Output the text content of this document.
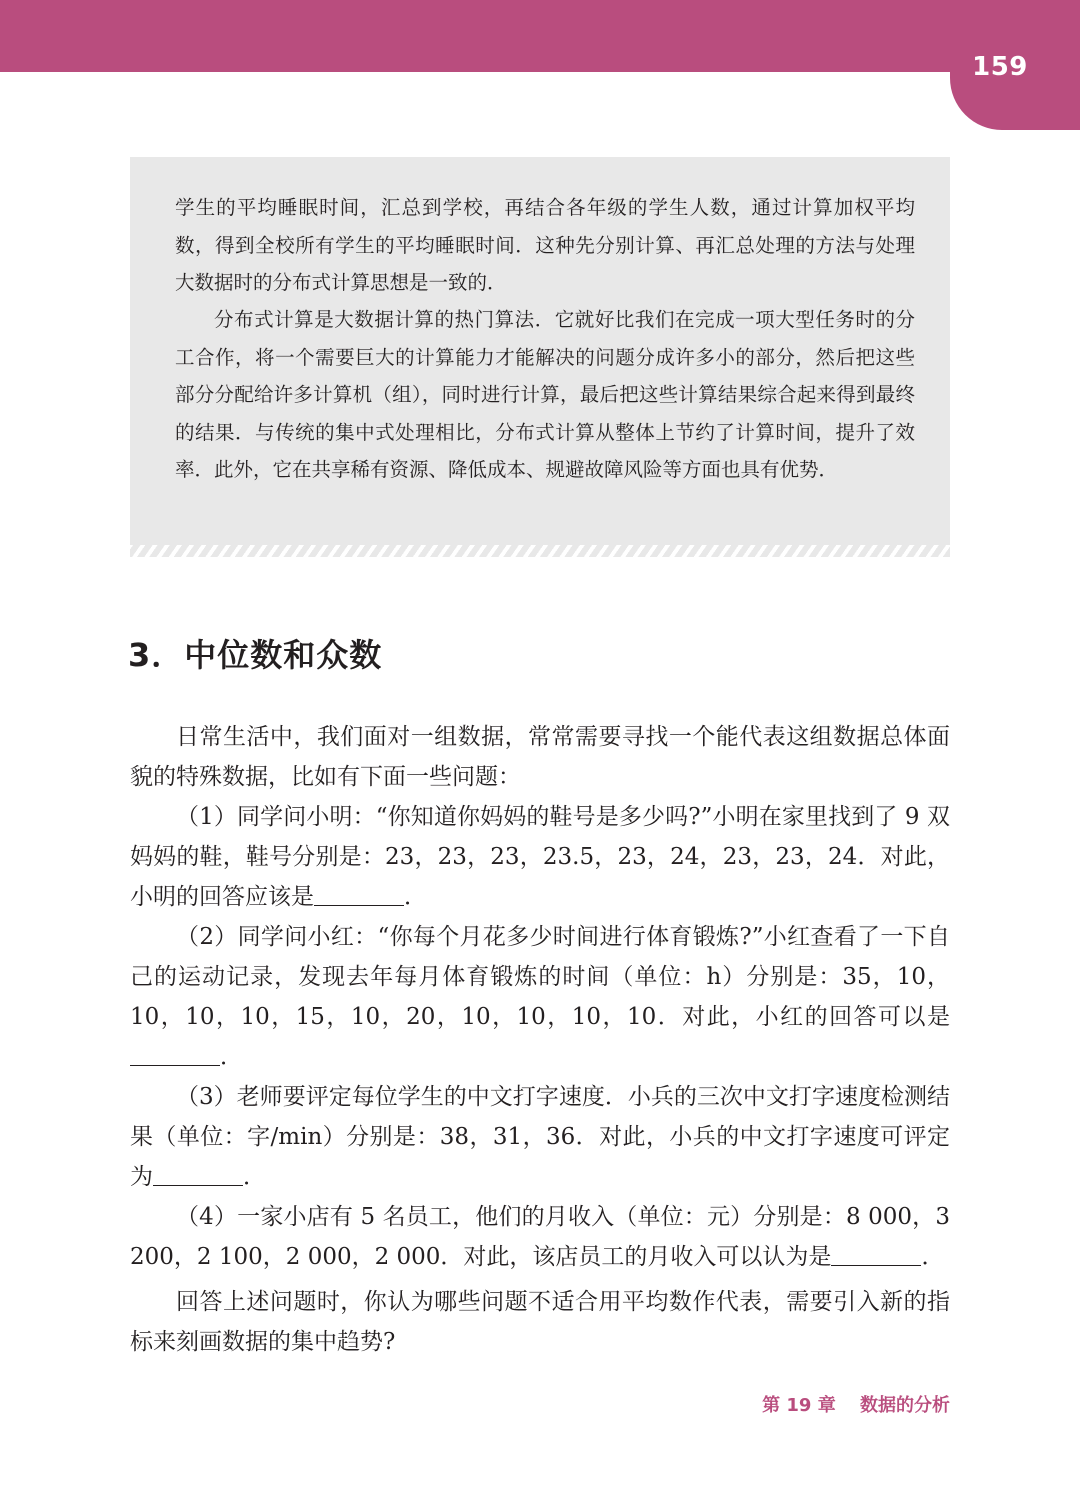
159

学生的平均睡眠时间，汇总到学校，再结合各年级的学生人数，通过计算加权平均数，得到全校所有学生的平均睡眠时间．这种先分别计算、再汇总处理的方法与处理大数据时的分布式计算思想是一致的．

分布式计算是大数据计算的热门算法．它就好比我们在完成一项大型任务时的分工合作，将一个需要巨大的计算能力才能解决的问题分成许多小的部分，然后把这些部分分配给许多计算机（组），同时进行计算，最后把这些计算结果综合起来得到最终的结果．与传统的集中式处理相比，分布式计算从整体上节约了计算时间，提升了效率．此外，它在共享稀有资源、降低成本、规避故障风险等方面也具有优势．

3．中位数和众数
日常生活中，我们面对一组数据，常常需要寻找一个能代表这组数据总体面貌的特殊数据，比如有下面一些问题：

（1）同学问小明：“你知道你妈妈的鞋号是多少吗?”小明在家里找到了 9 双妈妈的鞋，鞋号分别是：23，23，23，23.5，23，24，23，23，24．对此，小明的回答应该是	．

（2）同学问小红：“你每个月花多少时间进行体育锻炼?”小红查看了一下自己的运动记录，发现去年每月体育锻炼的时间（单位：h）分别是：35，10，10，10，10，15，10，20，10，10，10，10．对此，小红的回答可以是．

（3）老师要评定每位学生的中文打字速度．小兵的三次中文打字速度检测结果（单位：字/min）分别是：38，31，36．对此，小兵的中文打字速度可评定为	．

（4）一家小店有 5 名员工，他们的月收入（单位：元）分别是：8 000，3 200，2 100，2 000，2 000．对此，该店员工的月收入可以认为是	．

回答上述问题时，你认为哪些问题不适合用平均数作代表，需要引入新的指标来刻画数据的集中趋势?
第 19 章　 数据的分析
